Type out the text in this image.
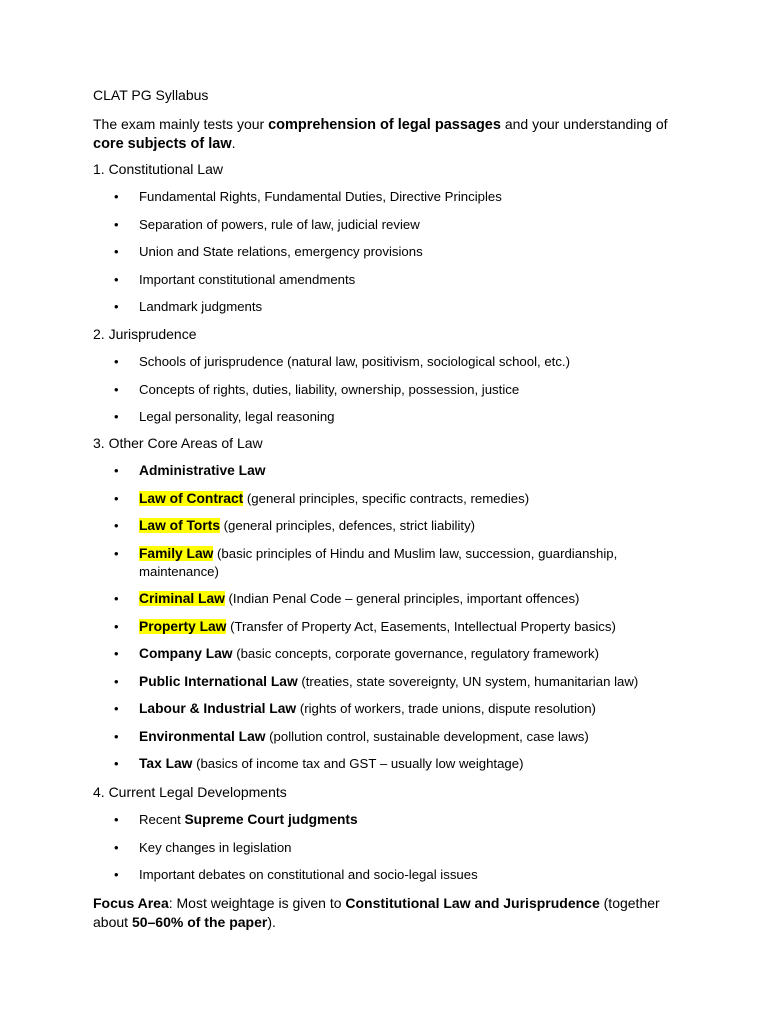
CLAT PG Syllabus
The exam mainly tests your comprehension of legal passages and your understanding of core subjects of law.
1. Constitutional Law
• Fundamental Rights, Fundamental Duties, Directive Principles
• Separation of powers, rule of law, judicial review
• Union and State relations, emergency provisions
• Important constitutional amendments
• Landmark judgments
2. Jurisprudence
• Schools of jurisprudence (natural law, positivism, sociological school, etc.)
• Concepts of rights, duties, liability, ownership, possession, justice
• Legal personality, legal reasoning
3. Other Core Areas of Law
• Administrative Law
• Law of Contract (general principles, specific contracts, remedies)
• Law of Torts (general principles, defences, strict liability)
• Family Law (basic principles of Hindu and Muslim law, succession, guardianship, maintenance)
• Criminal Law (Indian Penal Code – general principles, important offences)
• Property Law (Transfer of Property Act, Easements, Intellectual Property basics)
• Company Law (basic concepts, corporate governance, regulatory framework)
• Public International Law (treaties, state sovereignty, UN system, humanitarian law)
• Labour & Industrial Law (rights of workers, trade unions, dispute resolution)
• Environmental Law (pollution control, sustainable development, case laws)
• Tax Law (basics of income tax and GST – usually low weightage)
4. Current Legal Developments
• Recent Supreme Court judgments
• Key changes in legislation
• Important debates on constitutional and socio-legal issues
Focus Area: Most weightage is given to Constitutional Law and Jurisprudence (together about 50–60% of the paper).
